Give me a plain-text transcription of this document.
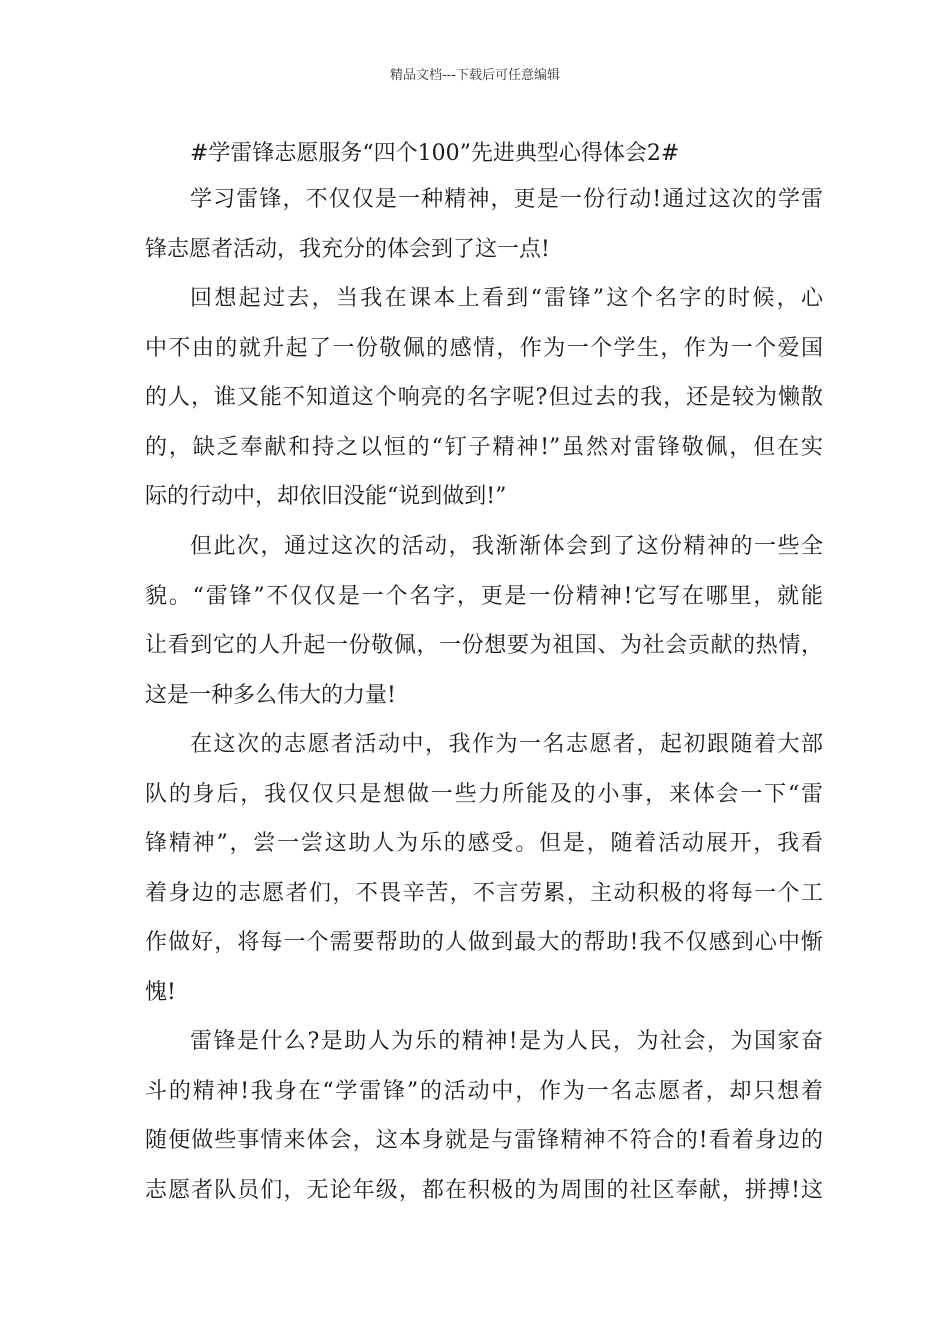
精品文档---下载后可任意编辑
#学雷锋志愿服务“四个100”先进典型心得体会2#
学习雷锋，不仅仅是一种精神，更是一份行动!通过这次的学雷
锋志愿者活动，我充分的体会到了这一点!
回想起过去，当我在课本上看到“雷锋”这个名字的时候，心
中不由的就升起了一份敬佩的感情，作为一个学生，作为一个爱国
的人，谁又能不知道这个响亮的名字呢?但过去的我，还是较为懒散
的，缺乏奉献和持之以恒的“钉子精神!”虽然对雷锋敬佩，但在实
际的行动中，却依旧没能“说到做到!”
但此次，通过这次的活动，我渐渐体会到了这份精神的一些全
貌。“雷锋”不仅仅是一个名字，更是一份精神!它写在哪里，就能
让看到它的人升起一份敬佩，一份想要为祖国、为社会贡献的热情，
这是一种多么伟大的力量!
在这次的志愿者活动中，我作为一名志愿者，起初跟随着大部
队的身后，我仅仅只是想做一些力所能及的小事，来体会一下“雷
锋精神”，尝一尝这助人为乐的感受。但是，随着活动展开，我看
着身边的志愿者们，不畏辛苦，不言劳累，主动积极的将每一个工
作做好，将每一个需要帮助的人做到最大的帮助!我不仅感到心中惭
愧!
雷锋是什么?是助人为乐的精神!是为人民，为社会，为国家奋
斗的精神!我身在“学雷锋”的活动中，作为一名志愿者，却只想着
随便做些事情来体会，这本身就是与雷锋精神不符合的!看着身边的
志愿者队员们，无论年级，都在积极的为周围的社区奉献，拼搏!这
